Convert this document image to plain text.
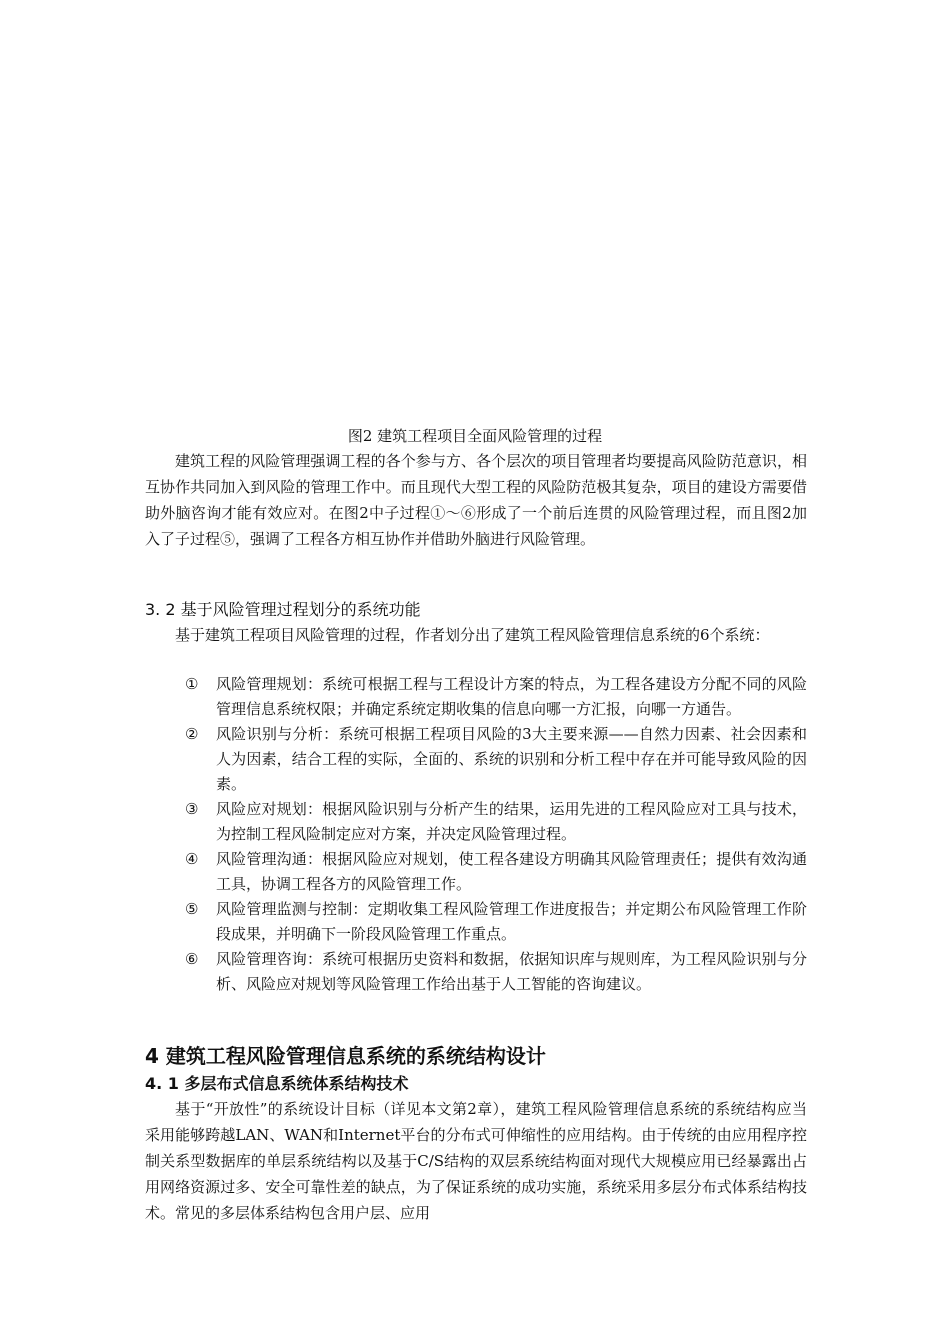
图2 建筑工程项目全面风险管理的过程

建筑工程的风险管理强调工程的各个参与方、各个层次的项目管理者均要提高风险防范意识，相互协作共同加入到风险的管理工作中。而且现代大型工程的风险防范极其复杂，项目的建设方需要借助外脑咨询才能有效应对。在图2中子过程①～⑥形成了一个前后连贯的风险管理过程，而且图2加入了子过程⑤，强调了工程各方相互协作并借助外脑进行风险管理。

3. 2 基于风险管理过程划分的系统功能

基于建筑工程项目风险管理的过程，作者划分出了建筑工程风险管理信息系统的6个系统：

① 风险管理规划：系统可根据工程与工程设计方案的特点，为工程各建设方分配不同的风险管理信息系统权限；并确定系统定期收集的信息向哪一方汇报，向哪一方通告。
② 风险识别与分析：系统可根据工程项目风险的3大主要来源——自然力因素、社会因素和人为因素，结合工程的实际，全面的、系统的识别和分析工程中存在并可能导致风险的因素。
③ 风险应对规划：根据风险识别与分析产生的结果，运用先进的工程风险应对工具与技术，为控制工程风险制定应对方案，并决定风险管理过程。
④ 风险管理沟通：根据风险应对规划，使工程各建设方明确其风险管理责任；提供有效沟通工具，协调工程各方的风险管理工作。
⑤ 风险管理监测与控制：定期收集工程风险管理工作进度报告；并定期公布风险管理工作阶段成果，并明确下一阶段风险管理工作重点。
⑥ 风险管理咨询：系统可根据历史资料和数据，依据知识库与规则库，为工程风险识别与分析、风险应对规划等风险管理工作给出基于人工智能的咨询建议。
4 建筑工程风险管理信息系统的系统结构设计
4. 1 多层布式信息系统体系结构技术

基于“开放性”的系统设计目标（详见本文第2章），建筑工程风险管理信息系统的系统结构应当采用能够跨越LAN、WAN和Internet平台的分布式可伸缩性的应用结构。由于传统的由应用程序控制关系型数据库的单层系统结构以及基于C/S结构的双层系统结构面对现代大规模应用已经暴露出占用网络资源过多、安全可靠性差的缺点，为了保证系统的成功实施，系统采用多层分布式体系结构技术。常见的多层体系结构包含用户层、应用
